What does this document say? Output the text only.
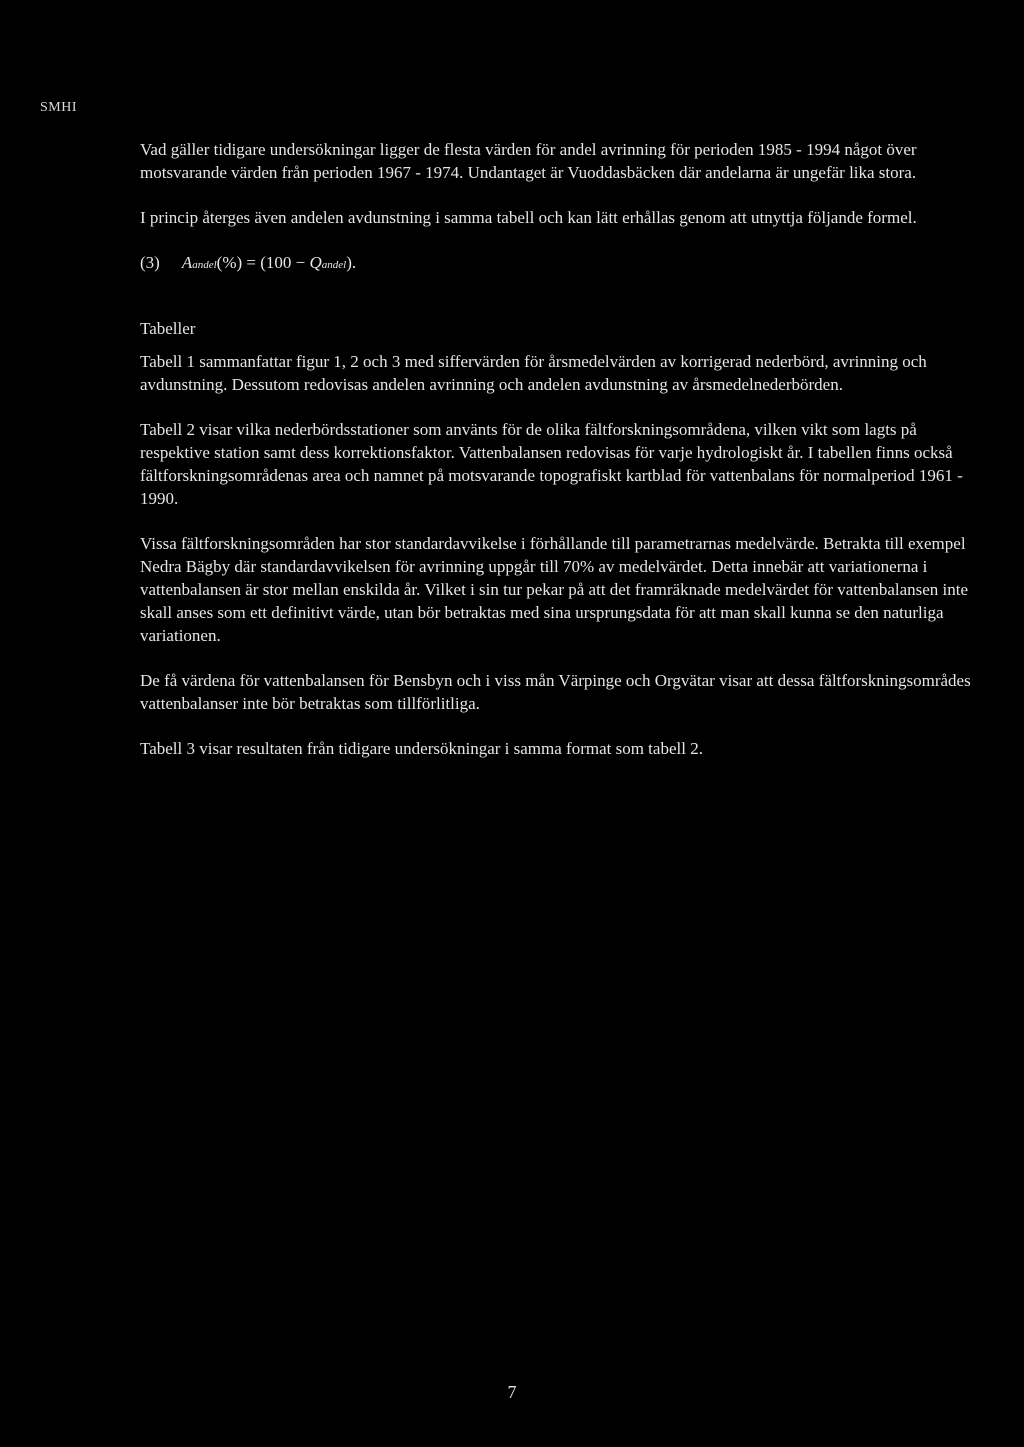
SMHI

Vad gäller tidigare undersökningar ligger de flesta värden för andel avrinning för perioden 1985 - 1994 något över motsvarande värden från perioden 1967 - 1974. Undantaget är Vuoddasbäcken där andelarna är ungefär lika stora.

I princip återges även andelen avdunstning i samma tabell och kan lätt erhållas genom att utnyttja följande formel.

(3) A andel (%) = (100 − Q andel ).
Tabeller

Tabell 1 sammanfattar figur 1, 2 och 3 med siffervärden för årsmedelvärden av korrigerad nederbörd, avrinning och avdunstning. Dessutom redovisas andelen avrinning och andelen avdunstning av årsmedelnederbörden.

Tabell 2 visar vilka nederbördsstationer som använts för de olika fältforskningsområdena, vilken vikt som lagts på respektive station samt dess korrektionsfaktor. Vattenbalansen redovisas för varje hydrologiskt år. I tabellen finns också fältforskningsområdenas area och namnet på motsvarande topografiskt kartblad för vattenbalans för normalperiod 1961 - 1990.

Vissa fältforskningsområden har stor standardavvikelse i förhållande till parametrarnas medelvärde. Betrakta till exempel Nedra Bägby där standardavvikelsen för avrinning uppgår till 70% av medelvärdet. Detta innebär att variationerna i vattenbalansen är stor mellan enskilda år. Vilket i sin tur pekar på att det framräknade medelvärdet för vattenbalansen inte skall anses som ett definitivt värde, utan bör betraktas med sina ursprungsdata för att man skall kunna se den naturliga variationen.

De få värdena för vattenbalansen för Bensbyn och i viss mån Värpinge och Orgvätar visar att dessa fältforskningsområdes vattenbalanser inte bör betraktas som tillförlitliga.

Tabell 3 visar resultaten från tidigare undersökningar i samma format som tabell 2.

7
